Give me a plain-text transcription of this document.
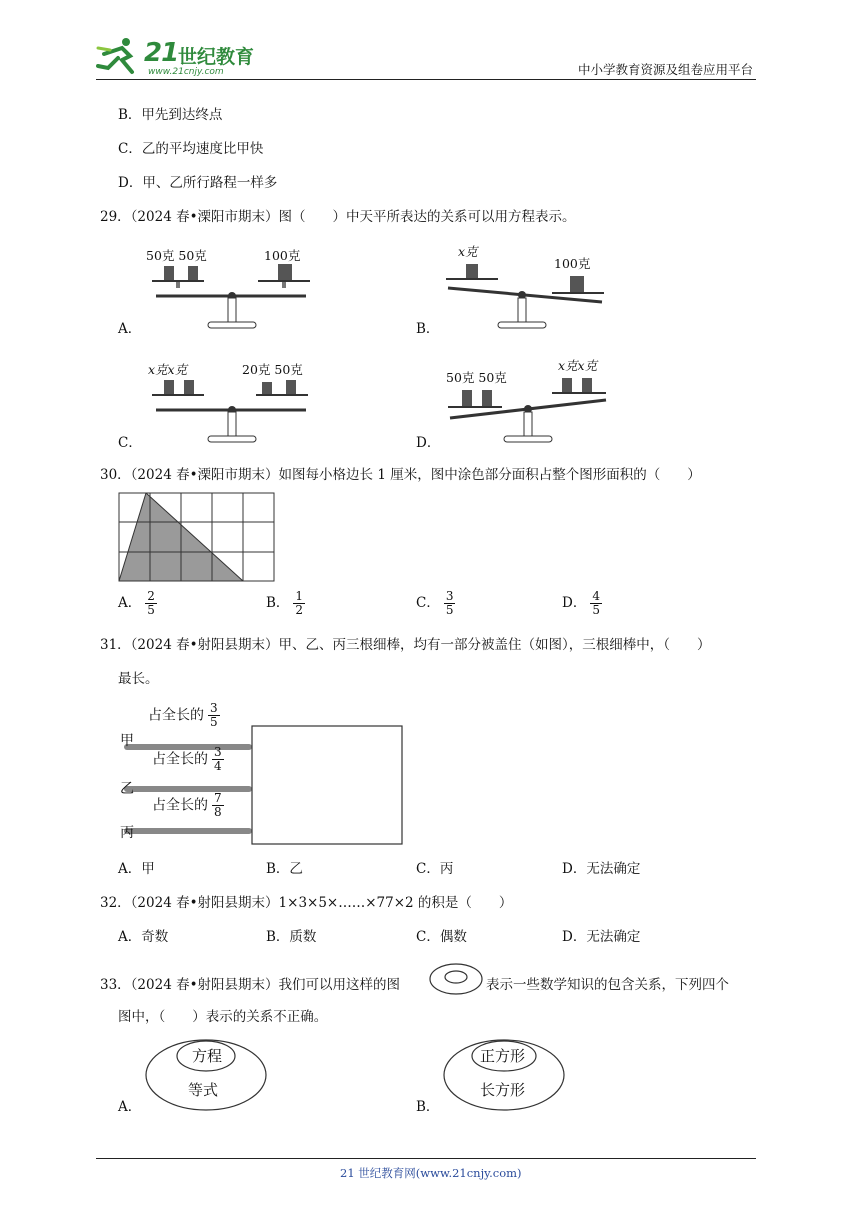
21 世纪教育
www.21cnjy.com	中小学教育资源及组卷应用平台
B．甲先到达终点
C．乙的平均速度比甲快
D．甲、乙所行路程一样多
29．（2024 春•溧阳市期末）图（　　）中天平所表达的关系可以用方程表示。
A．
50克 50克	100克
B．
x克
100克
C．
x克x克	20克 50克
D．
50克 50克
x克x克
30．（2024 春•溧阳市期末）如图每小格边长 1 厘米，图中涂色部分面积占整个图形面积的（　　）
A． $\frac{2}{5}$	B． $\frac{1}{2}$	C． $\frac{3}{5}$	D． $\frac{4}{5}$
31．（2024 春•射阳县期末）甲、乙、丙三根细棒，均有一部分被盖住（如图），三根细棒中，（　　）
最长。
甲
乙
丙
占全长的 $\frac{3}{5}$
占全长的 $\frac{3}{4}$
占全长的 $\frac{7}{8}$
A．甲	B．乙	C．丙	D．无法确定
32．（2024 春•射阳县期末）1×3×5×……×77×2 的积是（　　）
A．奇数	B．质数	C．偶数	D．无法确定
33．（2024 春•射阳县期末）我们可以用这样的图	表示一些数学知识的包含关系，下列四个
图中，（　　）表示的关系不正确。
A．
方程
等式
B．
正方形
长方形
21 世纪教育网(www.21cnjy.com)
